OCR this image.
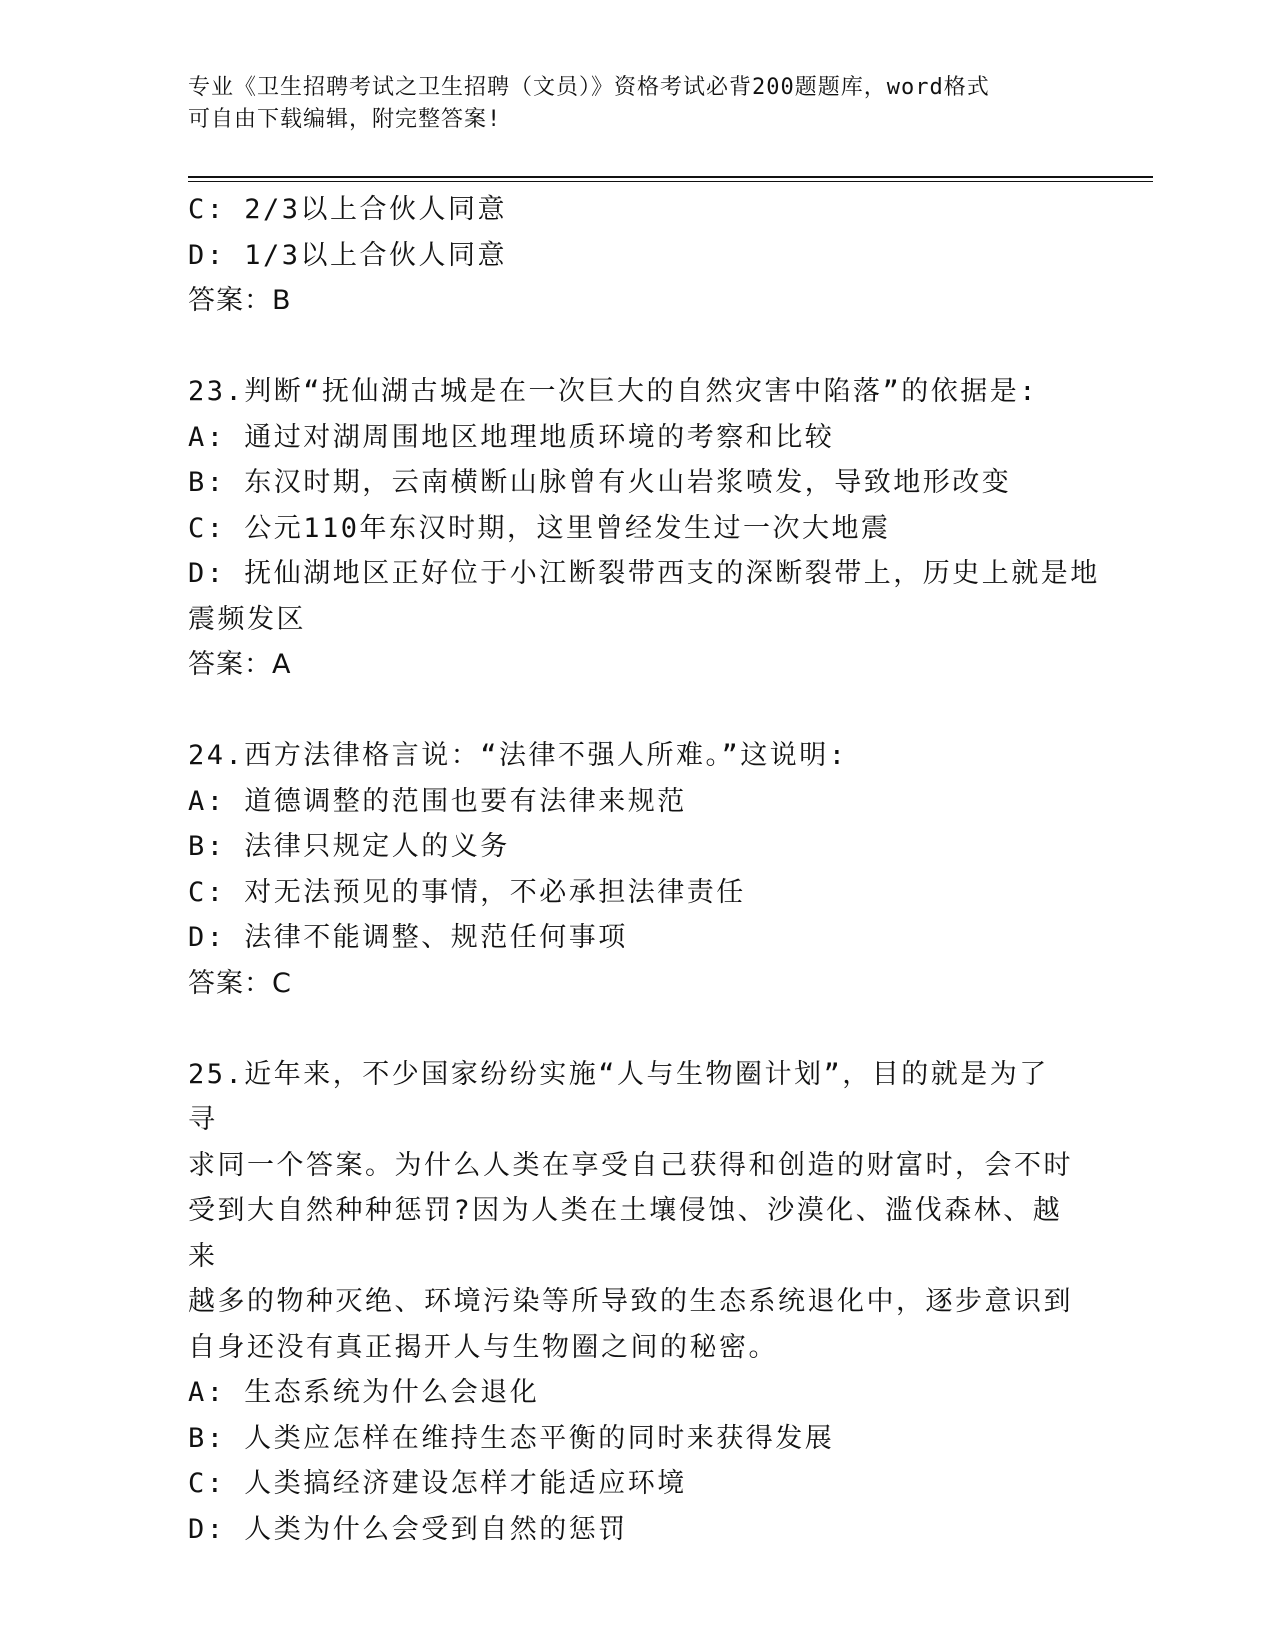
专业《卫生招聘考试之卫生招聘（文员）》资格考试必背200题题库，word格式
可自由下载编辑，附完整答案!
C: 2/3以上合伙人同意
D: 1/3以上合伙人同意
答案：B
23.判断“抚仙湖古城是在一次巨大的自然灾害中陷落”的依据是:
A: 通过对湖周围地区地理地质环境的考察和比较
B: 东汉时期，云南横断山脉曾有火山岩浆喷发，导致地形改变
C: 公元110年东汉时期，这里曾经发生过一次大地震
D: 抚仙湖地区正好位于小江断裂带西支的深断裂带上，历史上就是地
震频发区
答案：A
24.西方法律格言说：“法律不强人所难。”这说明:
A: 道德调整的范围也要有法律来规范
B: 法律只规定人的义务
C: 对无法预见的事情，不必承担法律责任
D: 法律不能调整、规范任何事项
答案：C
25.近年来，不少国家纷纷实施“人与生物圈计划”，目的就是为了寻
求同一个答案。为什么人类在享受自己获得和创造的财富时，会不时
受到大自然种种惩罚?因为人类在土壤侵蚀、沙漠化、滥伐森林、越来
越多的物种灭绝、环境污染等所导致的生态系统退化中，逐步意识到
自身还没有真正揭开人与生物圈之间的秘密。
A: 生态系统为什么会退化
B: 人类应怎样在维持生态平衡的同时来获得发展
C: 人类搞经济建设怎样才能适应环境
D: 人类为什么会受到自然的惩罚
